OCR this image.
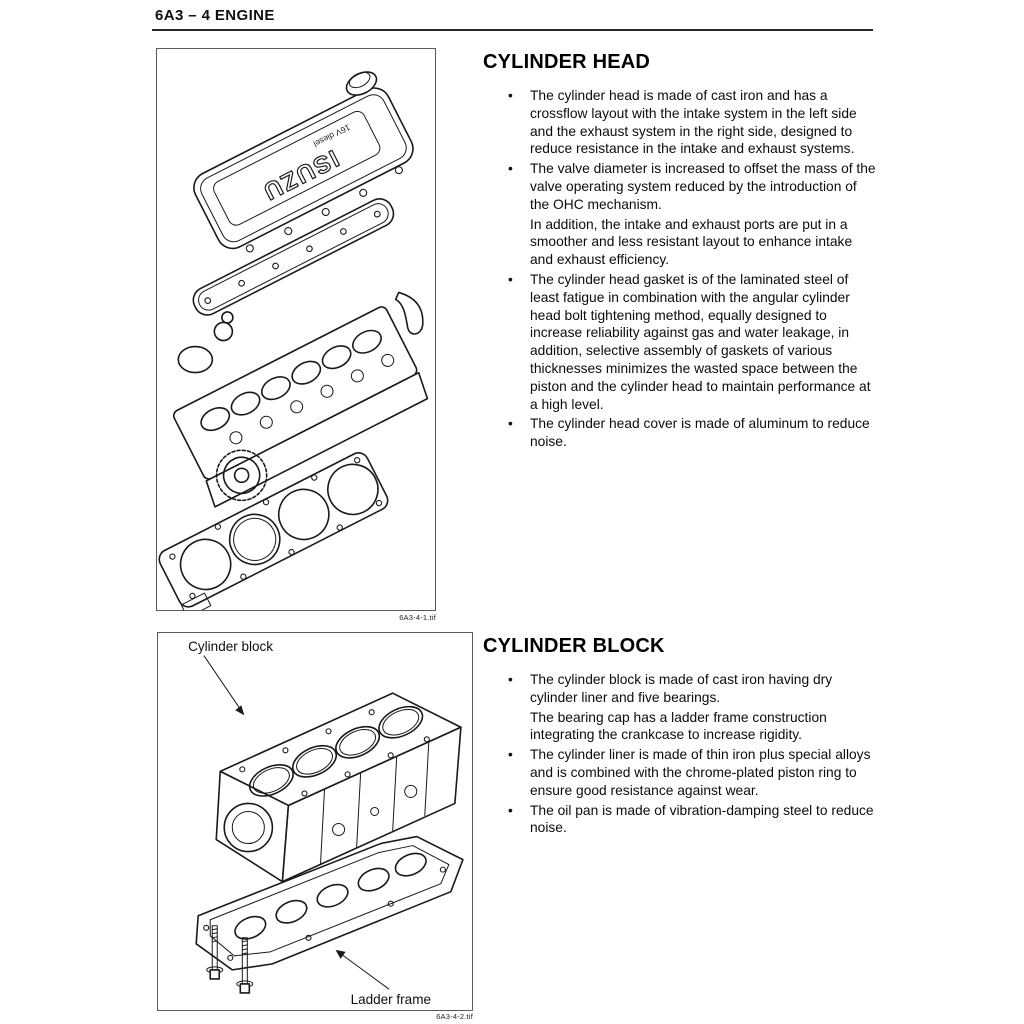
6A3 – 4 ENGINE
ISUZU
16V diesel
6A3-4-1.tif
Cylinder block
Ladder frame
6A3-4-2.tif
CYLINDER HEAD
•	The cylinder head is made of cast iron and has a crossflow layout with the intake system in the left side and the exhaust system in the right side, designed to reduce resistance in the intake and exhaust systems.

•	The valve diameter is increased to offset the mass of the valve operating system reduced by the introduction of the OHC mechanism.

In addition, the intake and exhaust ports are put in a smoother and less resistant layout to enhance intake and exhaust efficiency.

•	The cylinder head gasket is of the laminated steel of least fatigue in combination with the angular cylinder head bolt tightening method, equally designed to increase reliability against gas and water leakage, in addition, selective assembly of gaskets of various thicknesses minimizes the wasted space between the piston and the cylinder head to maintain performance at a high level.

•	The cylinder head cover is made of aluminum to reduce noise.

CYLINDER BLOCK
•	The cylinder block is made of cast iron having dry cylinder liner and five bearings.

The bearing cap has a ladder frame construction integrating the crankcase to increase rigidity.

•	The cylinder liner is made of thin iron plus special alloys and is combined with the chrome-plated piston ring to ensure good resistance against wear.

•	The oil pan is made of vibration-damping steel to reduce noise.
